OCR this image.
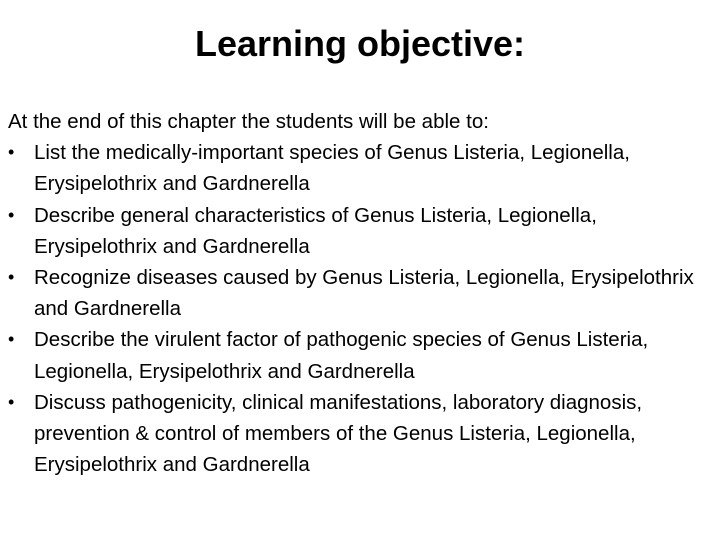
Learning objective:

At the end of this chapter the students will be able to:

• List the medically-important species of Genus Listeria, Legionella, Erysipelothrix and Gardnerella
• Describe general characteristics of Genus Listeria, Legionella, Erysipelothrix and Gardnerella
• Recognize diseases caused by Genus Listeria, Legionella, Erysipelothrix and Gardnerella
• Describe the virulent factor of pathogenic species of Genus Listeria, Legionella, Erysipelothrix and Gardnerella
• Discuss pathogenicity, clinical manifestations, laboratory diagnosis, prevention & control of members of the Genus Listeria, Legionella, Erysipelothrix and Gardnerella
